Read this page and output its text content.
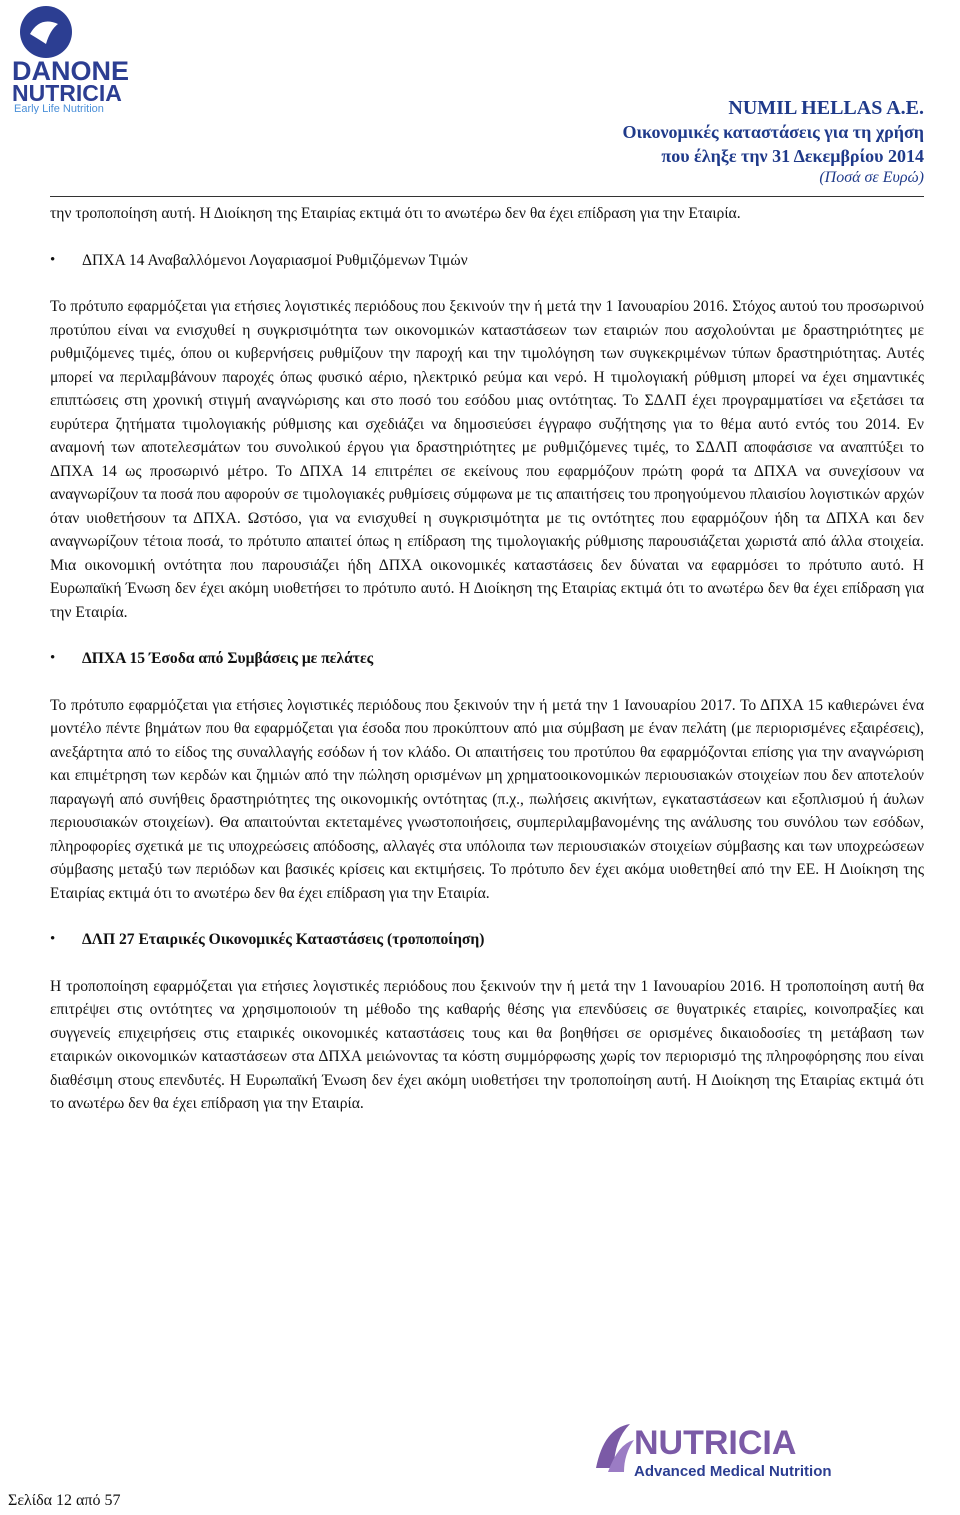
DANONE
NUTRICIA
Early Life Nutrition	NUMIL HELLAS A.E.
Οικονομικές καταστάσεις για τη χρήση
που έληξε την 31 Δεκεμβρίου 2014
(Ποσά σε Ευρώ)

την τροποποίηση αυτή. Η Διοίκηση της Εταιρίας εκτιμά ότι το ανωτέρω δεν θα έχει επίδραση για την Εταιρία.

•	ΔΠΧΑ 14 Αναβαλλόμενοι Λογαριασμοί Ρυθμιζόμενων Τιμών

Το πρότυπο εφαρμόζεται για ετήσιες λογιστικές περιόδους που ξεκινούν την ή μετά την 1 Ιανουαρίου 2016. Στόχος αυτού του προσωρινού προτύπου είναι να ενισχυθεί η συγκρισιμότητα των οικονομικών καταστάσεων των εταιριών που ασχολούνται με δραστηριότητες με ρυθμιζόμενες τιμές, όπου οι κυβερνήσεις ρυθμίζουν την παροχή και την τιμολόγηση των συγκεκριμένων τύπων δραστηριότητας. Αυτές μπορεί να περιλαμβάνουν παροχές όπως φυσικό αέριο, ηλεκτρικό ρεύμα και νερό. Η τιμολογιακή ρύθμιση μπορεί να έχει σημαντικές επιπτώσεις στη χρονική στιγμή αναγνώρισης και στο ποσό του εσόδου μιας οντότητας. Το ΣΔΛΠ έχει προγραμματίσει να εξετάσει τα ευρύτερα ζητήματα τιμολογιακής ρύθμισης και σχεδιάζει να δημοσιεύσει έγγραφο συζήτησης για το θέμα αυτό εντός του 2014. Εν αναμονή των αποτελεσμάτων του συνολικού έργου για δραστηριότητες με ρυθμιζόμενες τιμές, το ΣΔΛΠ αποφάσισε να αναπτύξει το ΔΠΧΑ 14 ως προσωρινό μέτρο. Το ΔΠΧΑ 14 επιτρέπει σε εκείνους που εφαρμόζουν πρώτη φορά τα ΔΠΧΑ να συνεχίσουν να αναγνωρίζουν τα ποσά που αφορούν σε τιμολογιακές ρυθμίσεις σύμφωνα με τις απαιτήσεις του προηγούμενου πλαισίου λογιστικών αρχών όταν υιοθετήσουν τα ΔΠΧΑ. Ωστόσο, για να ενισχυθεί η συγκρισιμότητα με τις οντότητες που εφαρμόζουν ήδη τα ΔΠΧΑ και δεν αναγνωρίζουν τέτοια ποσά, το πρότυπο απαιτεί όπως η επίδραση της τιμολογιακής ρύθμισης παρουσιάζεται χωριστά από άλλα στοιχεία. Μια οικονομική οντότητα που παρουσιάζει ήδη ΔΠΧΑ οικονομικές καταστάσεις δεν δύναται να εφαρμόσει το πρότυπο αυτό. Η Ευρωπαϊκή Ένωση δεν έχει ακόμη υιοθετήσει το πρότυπο αυτό. Η Διοίκηση της Εταιρίας εκτιμά ότι το ανωτέρω δεν θα έχει επίδραση για την Εταιρία.

•	ΔΠΧΑ 15 Έσοδα από Συμβάσεις με πελάτες

Το πρότυπο εφαρμόζεται για ετήσιες λογιστικές περιόδους που ξεκινούν την ή μετά την 1 Ιανουαρίου 2017. Το ΔΠΧΑ 15 καθιερώνει ένα μοντέλο πέντε βημάτων που θα εφαρμόζεται για έσοδα που προκύπτουν από μια σύμβαση με έναν πελάτη (με περιορισμένες εξαιρέσεις), ανεξάρτητα από το είδος της συναλλαγής εσόδων ή τον κλάδο. Οι απαιτήσεις του προτύπου θα εφαρμόζονται επίσης για την αναγνώριση και επιμέτρηση των κερδών και ζημιών από την πώληση ορισμένων μη χρηματοοικονομικών περιουσιακών στοιχείων που δεν αποτελούν παραγωγή από συνήθεις δραστηριότητες της οικονομικής οντότητας (π.χ., πωλήσεις ακινήτων, εγκαταστάσεων και εξοπλισμού ή άυλων περιουσιακών στοιχείων). Θα απαιτούνται εκτεταμένες γνωστοποιήσεις, συμπεριλαμβανομένης της ανάλυσης του συνόλου των εσόδων, πληροφορίες σχετικά με τις υποχρεώσεις απόδοσης, αλλαγές στα υπόλοιπα των περιουσιακών στοιχείων σύμβασης και των υποχρεώσεων σύμβασης μεταξύ των περιόδων και βασικές κρίσεις και εκτιμήσεις. Το πρότυπο δεν έχει ακόμα υιοθετηθεί από την ΕΕ. Η Διοίκηση της Εταιρίας εκτιμά ότι το ανωτέρω δεν θα έχει επίδραση για την Εταιρία.

•	ΔΛΠ 27 Εταιρικές Οικονομικές Καταστάσεις (τροποποίηση)

Η τροποποίηση εφαρμόζεται για ετήσιες λογιστικές περιόδους που ξεκινούν την ή μετά την 1 Ιανουαρίου 2016. Η τροποποίηση αυτή θα επιτρέψει στις οντότητες να χρησιμοποιούν τη μέθοδο της καθαρής θέσης για επενδύσεις σε θυγατρικές εταιρίες, κοινοπραξίες και συγγενείς επιχειρήσεις στις εταιρικές οικονομικές καταστάσεις τους και θα βοηθήσει σε ορισμένες δικαιοδοσίες τη μετάβαση των εταιρικών οικονομικών καταστάσεων στα ΔΠΧΑ μειώνοντας τα κόστη συμμόρφωσης χωρίς τον περιορισμό της πληροφόρησης που είναι διαθέσιμη στους επενδυτές. Η Ευρωπαϊκή Ένωση δεν έχει ακόμη υιοθετήσει την τροποποίηση αυτή. Η Διοίκηση της Εταιρίας εκτιμά ότι το ανωτέρω δεν θα έχει επίδραση για την Εταιρία.

NUTRICIA
Advanced Medical Nutrition
Σελίδα 12 από 57
